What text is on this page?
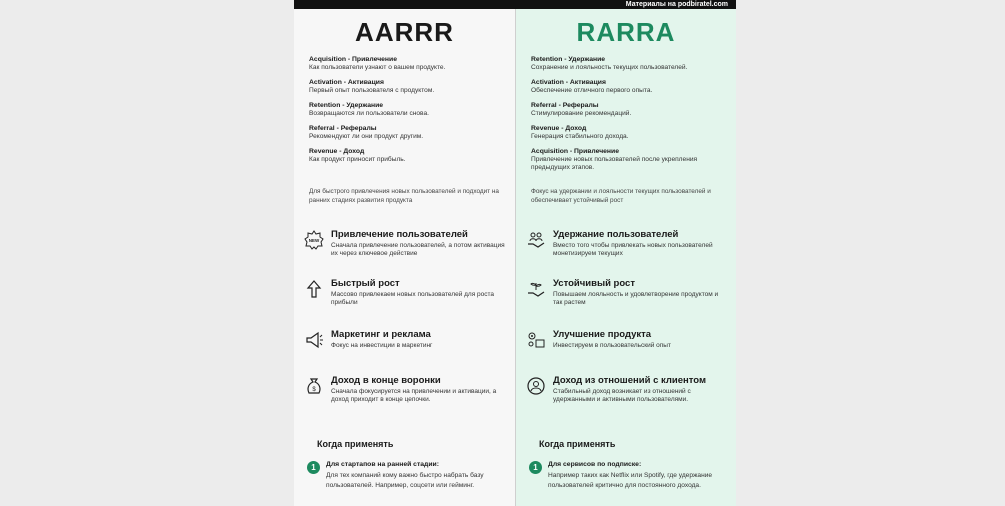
Материалы на podbiratel.com
AARRR
Acquisition - Привлечение
Как пользователи узнают о вашем продукте.
Activation - Активация
Первый опыт пользователя с продуктом.
Retention - Удержание
Возвращаются ли пользователи снова.
Referral - Рефералы
Рекомендуют ли они продукт другим.
Revenue - Доход
Как продукт приносит прибыль.
Для быстрого привлечения новых пользователей и подходит на ранних стадиях развития продукта
NEW
Привлечение пользователей

Сначала привлечение пользователей, а потом активация их через ключевое действие

Быстрый рост

Массово привлекаем новых пользователей для роста прибыли

Маркетинг и реклама

Фокус на инвестиции в маркетинг

$
Доход в конце воронки

Сначала фокусируется на привлечении и активации, а доход приходит в конце цепочки.

Когда применять
1	Для стартапов на ранней стадии:

Для тех компаний кому важно быстро набрать базу пользователей. Например, соцсети или гейминг.

RARRA
Retention - Удержание
Сохранение и лояльность текущих пользователей.
Activation - Активация
Обеспечение отличного первого опыта.
Referral - Рефералы
Стимулирование рекомендаций.
Revenue - Доход
Генерация стабильного дохода.
Acquisition - Привлечение
Привлечение новых пользователей после укрепления предыдущих этапов.
Фокус на удержании и лояльности текущих пользователей и обеспечивает устойчивый рост
Удержание пользователей

Вместо того чтобы привлекать новых пользователей монетизируем текущих

Устойчивый рост

Повышаем лояльность и удовлетворение продуктом и так растем

Улучшение продукта

Инвестируем в пользовательский опыт

Доход из отношений с клиентом

Стабильный доход возникает из отношений с удержанными и активными пользователями.

Когда применять
1	Для сервисов по подписке:

Например таких как Netflix или Spotify, где удержание пользователей критично для постоянного дохода.
